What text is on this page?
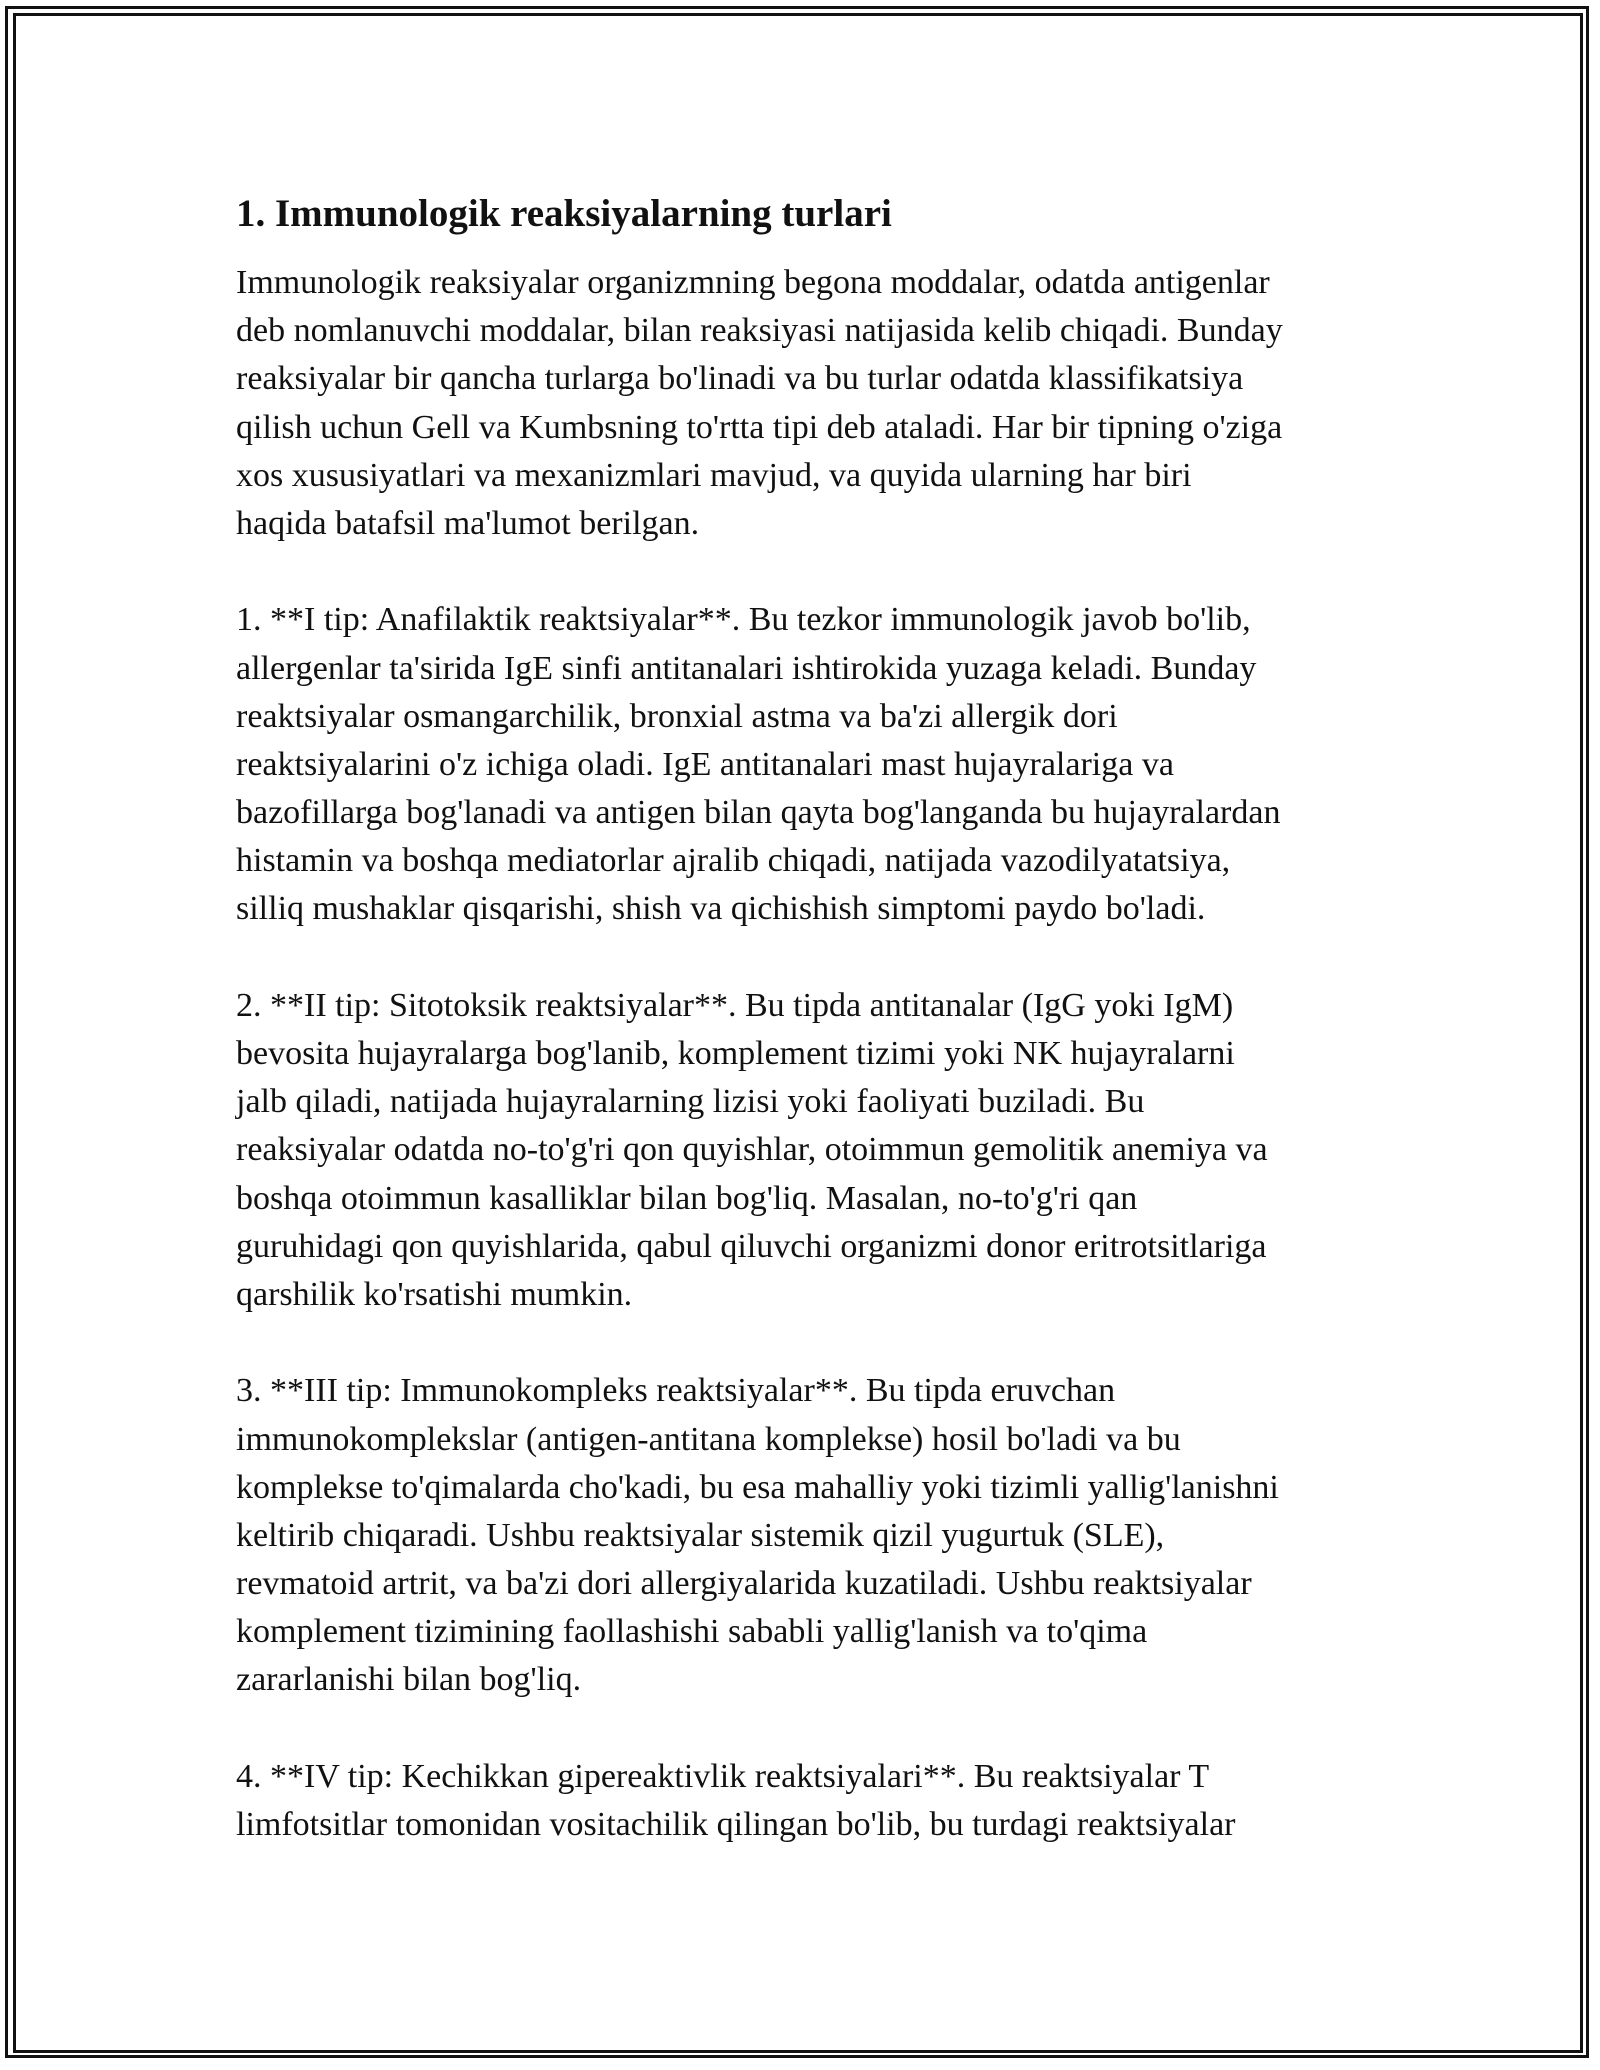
1. Immunologik reaksiyalarning turlari
Immunologik reaksiyalar organizmning begona moddalar, odatda antigenlar
deb nomlanuvchi moddalar, bilan reaksiyasi natijasida kelib chiqadi. Bunday
reaksiyalar bir qancha turlarga bo'linadi va bu turlar odatda klassifikatsiya
qilish uchun Gell va Kumbsning to'rtta tipi deb ataladi. Har bir tipning o'ziga
xos xususiyatlari va mexanizmlari mavjud, va quyida ularning har biri
haqida batafsil ma'lumot berilgan.
1. **I tip: Anafilaktik reaktsiyalar**. Bu tezkor immunologik javob bo'lib,
allergenlar ta'sirida IgE sinfi antitanalari ishtirokida yuzaga keladi. Bunday
reaktsiyalar osmangarchilik, bronxial astma va ba'zi allergik dori
reaktsiyalarini o'z ichiga oladi. IgE antitanalari mast hujayralariga va
bazofillarga bog'lanadi va antigen bilan qayta bog'langanda bu hujayralardan
histamin va boshqa mediatorlar ajralib chiqadi, natijada vazodilyatatsiya,
silliq mushaklar qisqarishi, shish va qichishish simptomi paydo bo'ladi.
2. **II tip: Sitotoksik reaktsiyalar**. Bu tipda antitanalar (IgG yoki IgM)
bevosita hujayralarga bog'lanib, komplement tizimi yoki NK hujayralarni
jalb qiladi, natijada hujayralarning lizisi yoki faoliyati buziladi. Bu
reaksiyalar odatda no-to'g'ri qon quyishlar, otoimmun gemolitik anemiya va
boshqa otoimmun kasalliklar bilan bog'liq. Masalan, no-to'g'ri qan
guruhidagi qon quyishlarida, qabul qiluvchi organizmi donor eritrotsitlariga
qarshilik ko'rsatishi mumkin.
3. **III tip: Immunokompleks reaktsiyalar**. Bu tipda eruvchan
immunokomplekslar (antigen-antitana komplekse) hosil bo'ladi va bu
komplekse to'qimalarda cho'kadi, bu esa mahalliy yoki tizimli yallig'lanishni
keltirib chiqaradi. Ushbu reaktsiyalar sistemik qizil yugurtuk (SLE),
revmatoid artrit, va ba'zi dori allergiyalarida kuzatiladi. Ushbu reaktsiyalar
komplement tizimining faollashishi sababli yallig'lanish va to'qima
zararlanishi bilan bog'liq.
4. **IV tip: Kechikkan gipereaktivlik reaktsiyalari**. Bu reaktsiyalar T
limfotsitlar tomonidan vositachilik qilingan bo'lib, bu turdagi reaktsiyalar
